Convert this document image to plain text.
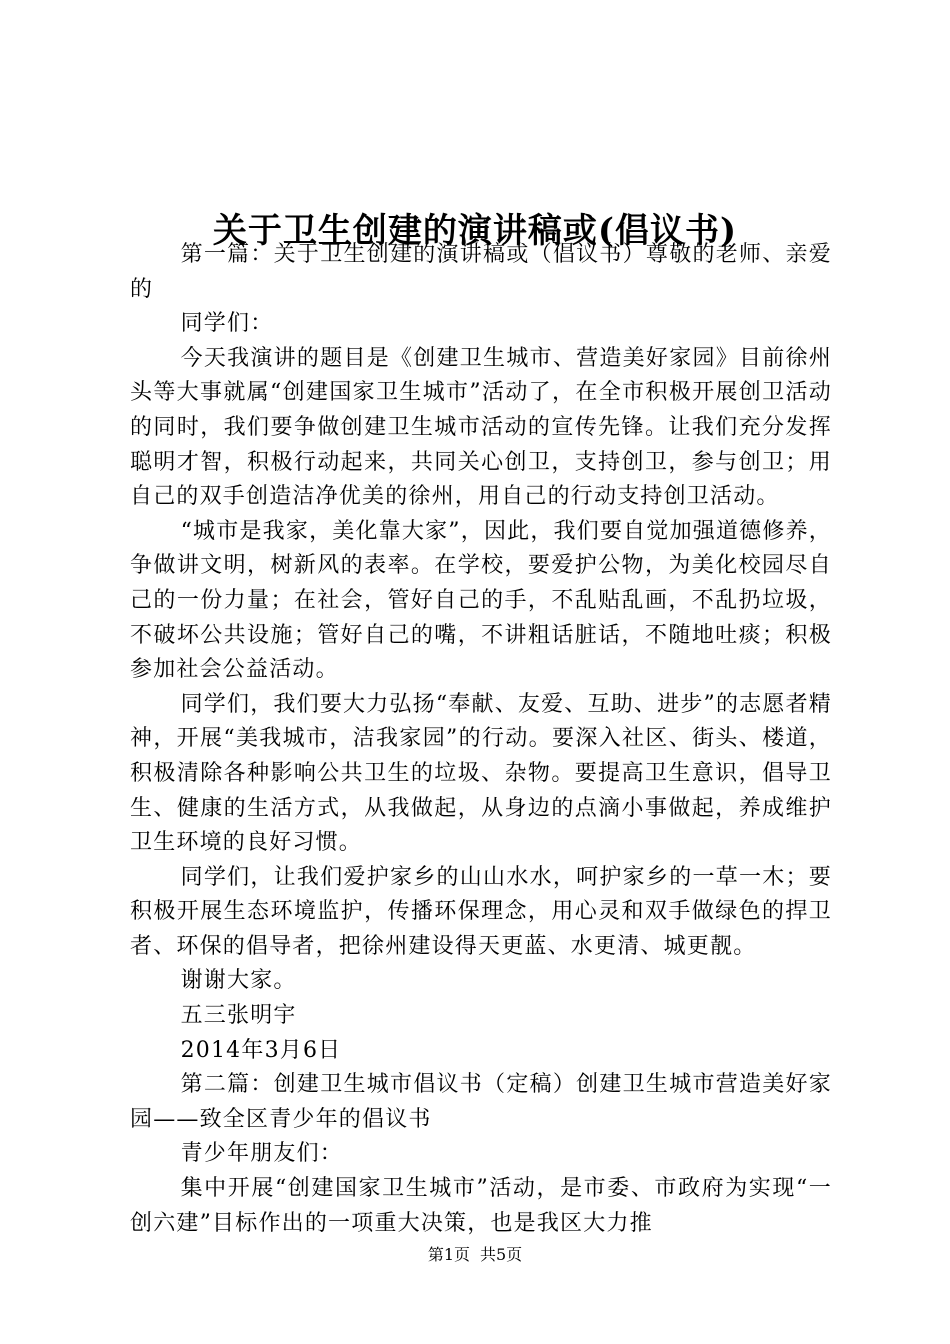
关于卫生创建的演讲稿或(倡议书)

第一篇：关于卫生创建的演讲稿或（倡议书）尊敬的老师、亲爱的

同学们：

今天我演讲的题目是《创建卫生城市、营造美好家园》目前徐州头等大事就属“创建国家卫生城市”活动了，在全市积极开展创卫活动的同时，我们要争做创建卫生城市活动的宣传先锋。让我们充分发挥聪明才智，积极行动起来，共同关心创卫，支持创卫，参与创卫；用自己的双手创造洁净优美的徐州，用自己的行动支持创卫活动。

“城市是我家，美化靠大家”，因此，我们要自觉加强道德修养，争做讲文明，树新风的表率。在学校，要爱护公物，为美化校园尽自己的一份力量；在社会，管好自己的手，不乱贴乱画，不乱扔垃圾，不破坏公共设施；管好自己的嘴，不讲粗话脏话，不随地吐痰；积极参加社会公益活动。

同学们，我们要大力弘扬“奉献、友爱、互助、进步”的志愿者精神，开展“美我城市，洁我家园”的行动。要深入社区、街头、楼道，积极清除各种影响公共卫生的垃圾、杂物。要提高卫生意识，倡导卫生、健康的生活方式，从我做起，从身边的点滴小事做起，养成维护卫生环境的良好习惯。

同学们，让我们爱护家乡的山山水水，呵护家乡的一草一木；要积极开展生态环境监护，传播环保理念，用心灵和双手做绿色的捍卫者、环保的倡导者，把徐州建设得天更蓝、水更清、城更靓。

谢谢大家。

五三张明宇

2014年3月6日

第二篇：创建卫生城市倡议书（定稿）创建卫生城市营造美好家园——致全区青少年的倡议书

青少年朋友们：

集中开展“创建国家卫生城市”活动，是市委、市政府为实现“一创六建”目标作出的一项重大决策，也是我区大力推

第1页 共5页
